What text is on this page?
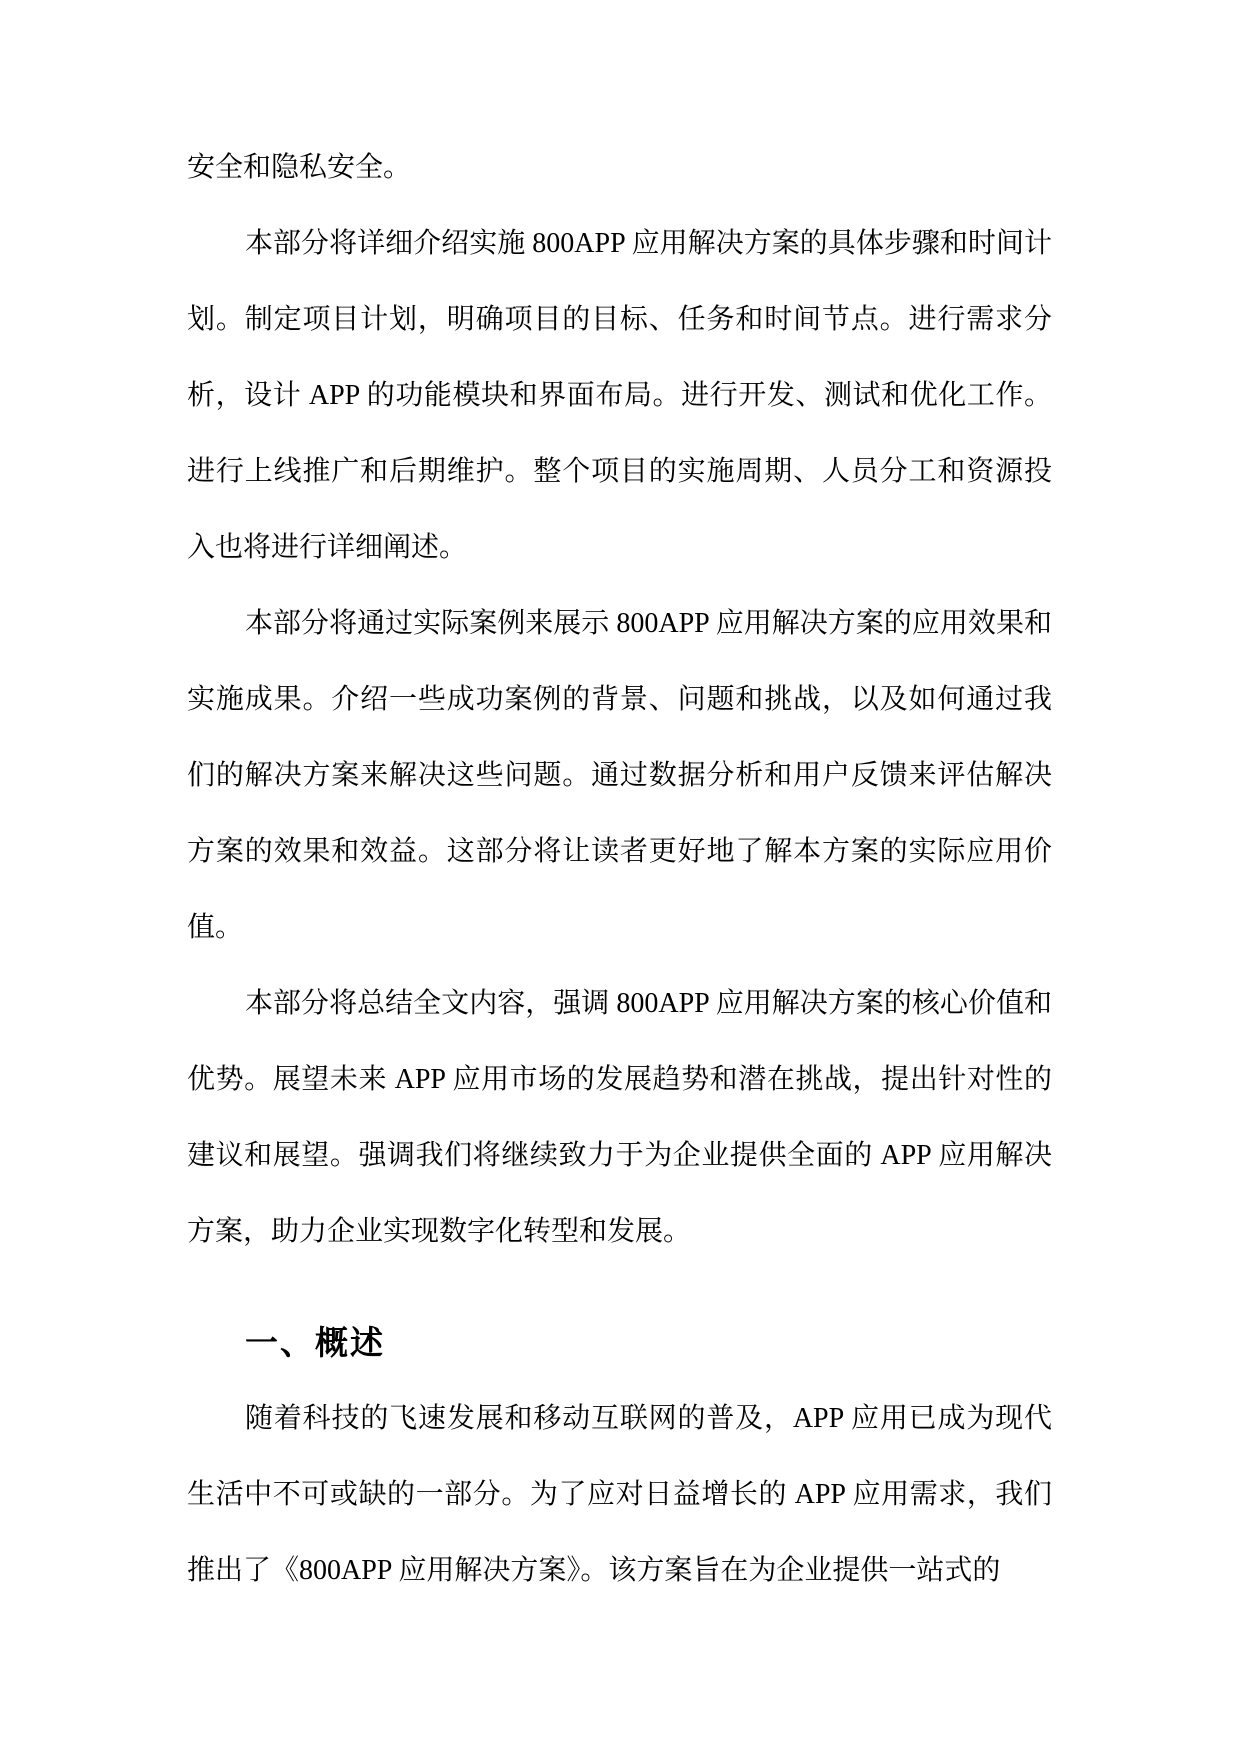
安全和隐私安全。

本部分将详细介绍实施 800APP 应用解决方案的具体步骤和时间计划。制定项目计划，明确项目的目标、任务和时间节点。进行需求分析，设计 APP 的功能模块和界面布局。进行开发、测试和优化工作。进行上线推广和后期维护。整个项目的实施周期、人员分工和资源投入也将进行详细阐述。

本部分将通过实际案例来展示 800APP 应用解决方案的应用效果和实施成果。介绍一些成功案例的背景、问题和挑战，以及如何通过我们的解决方案来解决这些问题。通过数据分析和用户反馈来评估解决方案的效果和效益。这部分将让读者更好地了解本方案的实际应用价值。

本部分将总结全文内容，强调 800APP 应用解决方案的核心价值和优势。展望未来 APP 应用市场的发展趋势和潜在挑战，提出针对性的建议和展望。强调我们将继续致力于为企业提供全面的 APP 应用解决方案，助力企业实现数字化转型和发展。

一、概述

随着科技的飞速发展和移动互联网的普及，APP 应用已成为现代生活中不可或缺的一部分。为了应对日益增长的 APP 应用需求，我们推出了《800APP 应用解决方案》。该方案旨在为企业提供一站式的
